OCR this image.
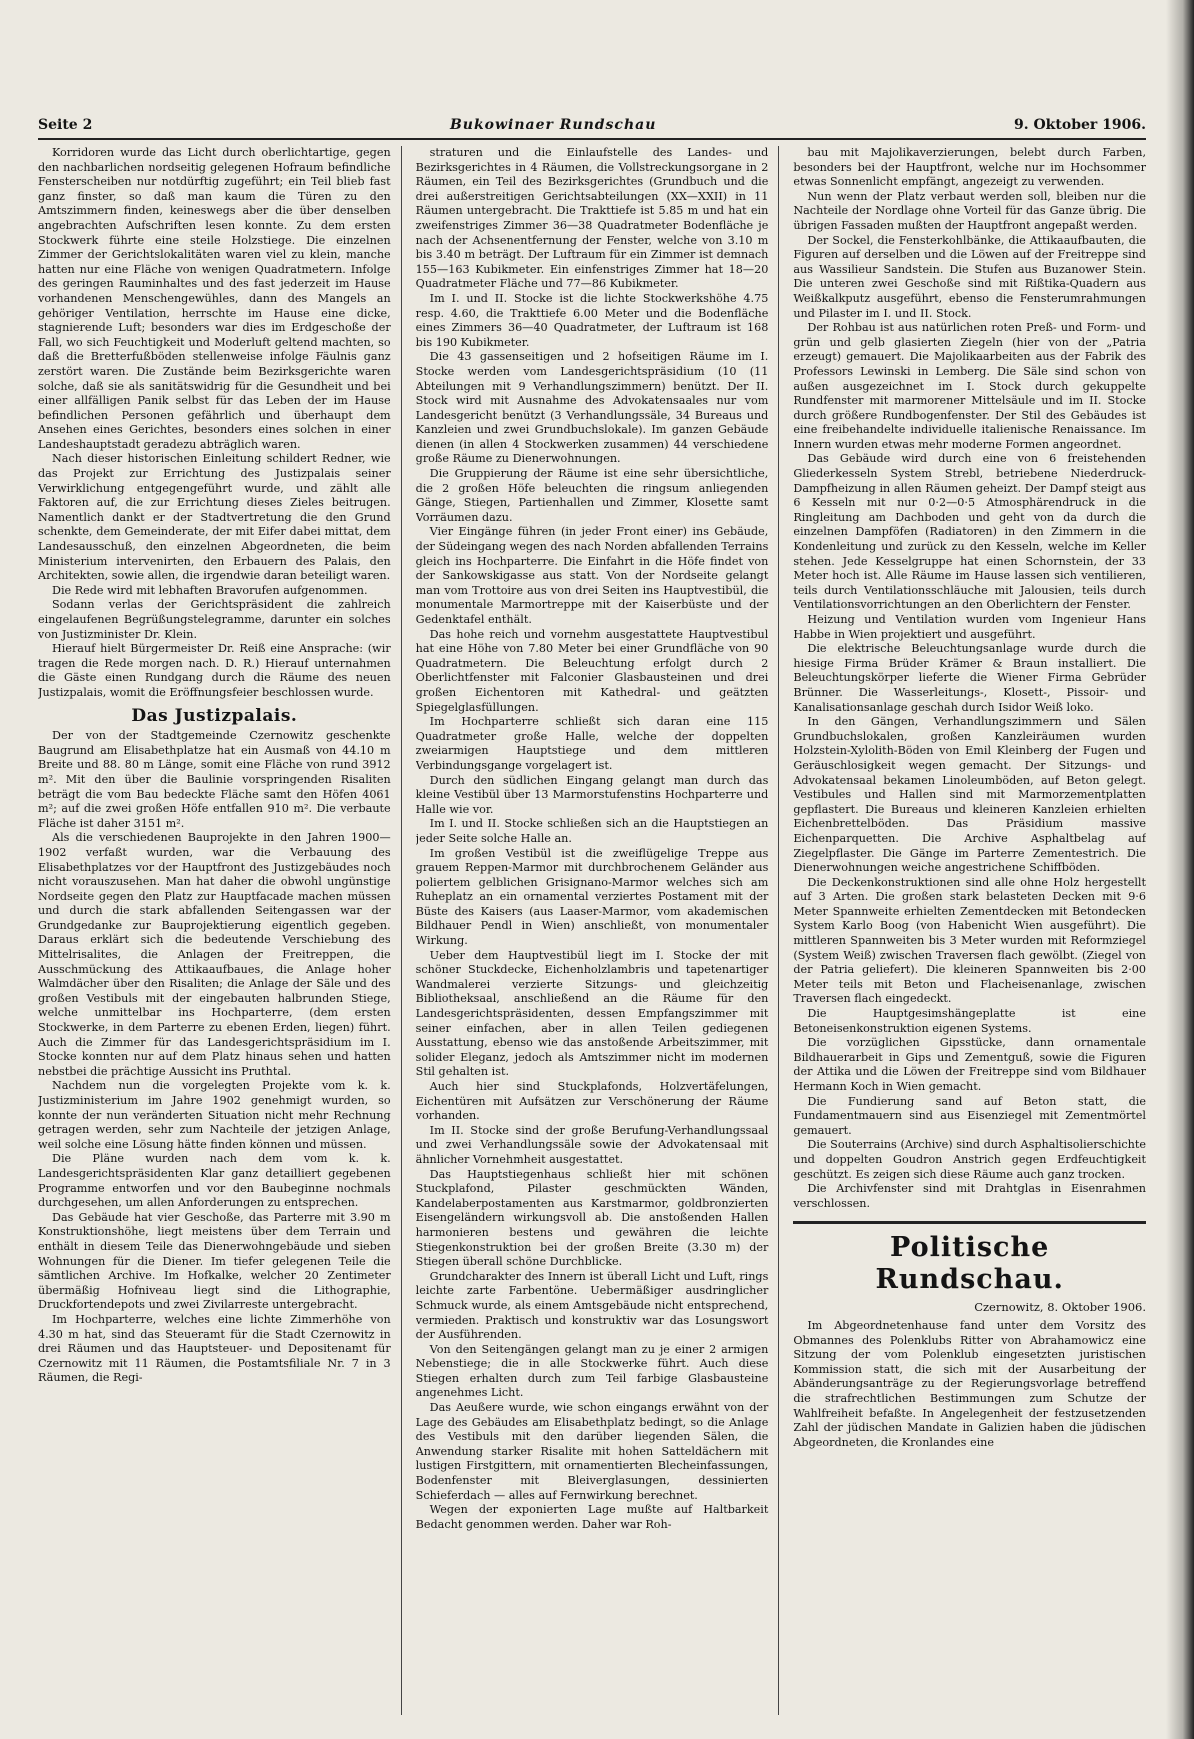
Seite 2	Bukowinaer Rundschau	9. Oktober 1906.

Korridoren wurde das Licht durch oberlichtartige, gegen den nachbarlichen nordseitig gelegenen Hofraum befindliche Fensterscheiben nur notdürftig zugeführt; ein Teil blieb fast ganz finster, so daß man kaum die Türen zu den Amtszimmern finden, keineswegs aber die über denselben angebrachten Aufschriften lesen konnte. Zu dem ersten Stockwerk führte eine steile Holzstiege. Die einzelnen Zimmer der Gerichtslokalitäten waren viel zu klein, manche hatten nur eine Fläche von wenigen Quadratmetern. Infolge des geringen Rauminhaltes und des fast jederzeit im Hause vorhandenen Menschengewühles, dann des Mangels an gehöriger Ventilation, herrschte im Hause eine dicke, stagnierende Luft; besonders war dies im Erdgeschoße der Fall, wo sich Feuchtigkeit und Moderluft geltend machten, so daß die Bretterfußböden stellenweise infolge Fäulnis ganz zerstört waren. Die Zustände beim Bezirksgerichte waren solche, daß sie als sanitätswidrig für die Gesundheit und bei einer allfälligen Panik selbst für das Leben der im Hause befindlichen Personen gefährlich und überhaupt dem Ansehen eines Gerichtes, besonders eines solchen in einer Landeshauptstadt geradezu abträglich waren.

Nach dieser historischen Einleitung schildert Redner, wie das Projekt zur Errichtung des Justizpalais seiner Verwirklichung entgegengeführt wurde, und zählt alle Faktoren auf, die zur Errichtung dieses Zieles beitrugen. Namentlich dankt er der Stadtvertretung die den Grund schenkte, dem Gemeinderate, der mit Eifer dabei mittat, dem Landesausschuß, den einzelnen Abgeordneten, die beim Ministerium intervenirten, den Erbauern des Palais, den Architekten, sowie allen, die irgendwie daran beteiligt waren.

Die Rede wird mit lebhaften Bravorufen aufgenommen.

Sodann verlas der Gerichtspräsident die zahlreich eingelaufenen Begrüßungstelegramme, darunter ein solches von Justizminister Dr. Klein.

Hierauf hielt Bürgermeister Dr. Reiß eine Ansprache: (wir tragen die Rede morgen nach. D. R.) Hierauf unternahmen die Gäste einen Rundgang durch die Räume des neuen Justizpalais, womit die Eröffnungsfeier beschlossen wurde.

Das Justizpalais.

Der von der Stadtgemeinde Czernowitz geschenkte Baugrund am Elisabethplatze hat ein Ausmaß von 44.10 m Breite und 88. 80 m Länge, somit eine Fläche von rund 3912 m². Mit den über die Baulinie vorspringenden Risaliten beträgt die vom Bau bedeckte Fläche samt den Höfen 4061 m²; auf die zwei großen Höfe entfallen 910 m². Die verbaute Fläche ist daher 3151 m².

Als die verschiedenen Bauprojekte in den Jahren 1900—1902 verfaßt wurden, war die Verbauung des Elisabethplatzes vor der Hauptfront des Justizgebäudes noch nicht vorauszusehen. Man hat daher die obwohl ungünstige Nordseite gegen den Platz zur Hauptfacade machen müssen und durch die stark abfallenden Seitengassen war der Grundgedanke zur Bauprojektierung eigentlich gegeben. Daraus erklärt sich die bedeutende Verschiebung des Mittelrisalites, die Anlagen der Freitreppen, die Ausschmückung des Attikaaufbaues, die Anlage hoher Walmdächer über den Risaliten; die Anlage der Säle und des großen Vestibuls mit der eingebauten halbrunden Stiege, welche unmittelbar ins Hochparterre, (dem ersten Stockwerke, in dem Parterre zu ebenen Erden, liegen) führt. Auch die Zimmer für das Landesgerichtspräsidium im I. Stocke konnten nur auf dem Platz hinaus sehen und hatten nebstbei die prächtige Aussicht ins Pruthtal.

Nachdem nun die vorgelegten Projekte vom k. k. Justizministerium im Jahre 1902 genehmigt wurden, so konnte der nun veränderten Situation nicht mehr Rechnung getragen werden, sehr zum Nachteile der jetzigen Anlage, weil solche eine Lösung hätte finden können und müssen.

Die Pläne wurden nach dem vom k. k. Landesgerichtspräsidenten Klar ganz detailliert gegebenen Programme entworfen und vor den Baubeginne nochmals durchgesehen, um allen Anforderungen zu entsprechen.

Das Gebäude hat vier Geschoße, das Parterre mit 3.90 m Konstruktionshöhe, liegt meistens über dem Terrain und enthält in diesem Teile das Dienerwohngebäude und sieben Wohnungen für die Diener. Im tiefer gelegenen Teile die sämtlichen Archive. Im Hofkalke, welcher 20 Zentimeter übermäßig Hofniveau liegt sind die Lithographie, Druckfortendepots und zwei Zivilarreste untergebracht.

Im Hochparterre, welches eine lichte Zimmerhöhe von 4.30 m hat, sind das Steueramt für die Stadt Czernowitz in drei Räumen und das Hauptsteuer- und Depositenamt für Czernowitz mit 11 Räumen, die Postamtsfiliale Nr. 7 in 3 Räumen, die Regi-

straturen und die Einlaufstelle des Landes- und Bezirksgerichtes in 4 Räumen, die Vollstreckungsorgane in 2 Räumen, ein Teil des Bezirksgerichtes (Grundbuch und die drei außerstreitigen Gerichtsabteilungen (XX—XXII) in 11 Räumen untergebracht. Die Trakttiefe ist 5.85 m und hat ein zweifenstriges Zimmer 36—38 Quadratmeter Bodenfläche je nach der Achsenentfernung der Fenster, welche von 3.10 m bis 3.40 m beträgt. Der Luftraum für ein Zimmer ist demnach 155—163 Kubikmeter. Ein einfenstriges Zimmer hat 18—20 Quadratmeter Fläche und 77—86 Kubikmeter.

Im I. und II. Stocke ist die lichte Stockwerkshöhe 4.75 resp. 4.60, die Trakttiefe 6.00 Meter und die Bodenfläche eines Zimmers 36—40 Quadratmeter, der Luftraum ist 168 bis 190 Kubikmeter.

Die 43 gassenseitigen und 2 hofseitigen Räume im I. Stocke werden vom Landesgerichtspräsidium (10 (11 Abteilungen mit 9 Verhandlungszimmern) benützt. Der II. Stock wird mit Ausnahme des Advokatensaales nur vom Landesgericht benützt (3 Verhandlungssäle, 34 Bureaus und Kanzleien und zwei Grundbuchslokale). Im ganzen Gebäude dienen (in allen 4 Stockwerken zusammen) 44 verschiedene große Räume zu Dienerwohnungen.

Die Gruppierung der Räume ist eine sehr übersichtliche, die 2 großen Höfe beleuchten die ringsum anliegenden Gänge, Stiegen, Partienhallen und Zimmer, Klosette samt Vorräumen dazu.

Vier Eingänge führen (in jeder Front einer) ins Gebäude, der Südeingang wegen des nach Norden abfallenden Terrains gleich ins Hochparterre. Die Einfahrt in die Höfe findet von der Sankowskigasse aus statt. Von der Nordseite gelangt man vom Trottoire aus von drei Seiten ins Hauptvestibül, die monumentale Marmortreppe mit der Kaiserbüste und der Gedenktafel enthält.

Das hohe reich und vornehm ausgestattete Hauptvestibul hat eine Höhe von 7.80 Meter bei einer Grundfläche von 90 Quadratmetern. Die Beleuchtung erfolgt durch 2 Oberlichtfenster mit Falconier Glasbausteinen und drei großen Eichentoren mit Kathedral- und geätzten Spiegelglasfüllungen.

Im Hochparterre schließt sich daran eine 115 Quadratmeter große Halle, welche der doppelten zweiarmigen Hauptstiege und dem mittleren Verbindungsgange vorgelagert ist.

Durch den südlichen Eingang gelangt man durch das kleine Vestibül über 13 Marmorstufenstins Hochparterre und Halle wie vor.

Im I. und II. Stocke schließen sich an die Hauptstiegen an jeder Seite solche Halle an.

Im großen Vestibül ist die zweiflügelige Treppe aus grauem Reppen-Marmor mit durchbrochenem Geländer aus poliertem gelblichen Grisignano-Marmor welches sich am Ruheplatz an ein ornamental verziertes Postament mit der Büste des Kaisers (aus Laaser-Marmor, vom akademischen Bildhauer Pendl in Wien) anschließt, von monumentaler Wirkung.

Ueber dem Hauptvestibül liegt im I. Stocke der mit schöner Stuckdecke, Eichenholzlambris und tapetenartiger Wandmalerei verzierte Sitzungs- und gleichzeitig Bibliotheksaal, anschließend an die Räume für den Landesgerichtspräsidenten, dessen Empfangszimmer mit seiner einfachen, aber in allen Teilen gediegenen Ausstattung, ebenso wie das anstoßende Arbeitszimmer, mit solider Eleganz, jedoch als Amtszimmer nicht im modernen Stil gehalten ist.

Auch hier sind Stuckplafonds, Holzvertäfelungen, Eichentüren mit Aufsätzen zur Verschönerung der Räume vorhanden.

Im II. Stocke sind der große Berufung-Verhandlungssaal und zwei Verhandlungssäle sowie der Advokatensaal mit ähnlicher Vornehmheit ausgestattet.

Das Hauptstiegenhaus schließt hier mit schönen Stuckplafond, Pilaster geschmückten Wänden, Kandelaberpostamenten aus Karstmarmor, goldbronzierten Eisengeländern wirkungsvoll ab. Die anstoßenden Hallen harmonieren bestens und gewähren die leichte Stiegenkonstruktion bei der großen Breite (3.30 m) der Stiegen überall schöne Durchblicke.

Grundcharakter des Innern ist überall Licht und Luft, rings leichte zarte Farbentöne. Uebermäßiger ausdringlicher Schmuck wurde, als einem Amtsgebäude nicht entsprechend, vermieden. Praktisch und konstruktiv war das Losungswort der Ausführenden.

Von den Seitengängen gelangt man zu je einer 2 armigen Nebenstiege; die in alle Stockwerke führt. Auch diese Stiegen erhalten durch zum Teil farbige Glasbausteine angenehmes Licht.

Das Aeußere wurde, wie schon eingangs erwähnt von der Lage des Gebäudes am Elisabethplatz bedingt, so die Anlage des Vestibuls mit den darüber liegenden Sälen, die Anwendung starker Risalite mit hohen Satteldächern mit lustigen Firstgittern, mit ornamentierten Blecheinfassungen, Bodenfenster mit Bleiverglasungen, dessinierten Schieferdach — alles auf Fernwirkung berechnet.

Wegen der exponierten Lage mußte auf Haltbarkeit Bedacht genommen werden. Daher war Roh-

bau mit Majolikaverzierungen, belebt durch Farben, besonders bei der Hauptfront, welche nur im Hochsommer etwas Sonnenlicht empfängt, angezeigt zu verwenden.

Nun wenn der Platz verbaut werden soll, bleiben nur die Nachteile der Nordlage ohne Vorteil für das Ganze übrig. Die übrigen Fassaden mußten der Hauptfront angepaßt werden.

Der Sockel, die Fensterkohlbänke, die Attikaaufbauten, die Figuren auf derselben und die Löwen auf der Freitreppe sind aus Wassilieur Sandstein. Die Stufen aus Buzanower Stein. Die unteren zwei Geschoße sind mit Rißtika-Quadern aus Weißkalkputz ausgeführt, ebenso die Fensterumrahmungen und Pilaster im I. und II. Stock.

Der Rohbau ist aus natürlichen roten Preß- und Form- und grün und gelb glasierten Ziegeln (hier von der „Patria erzeugt) gemauert. Die Majolikaarbeiten aus der Fabrik des Professors Lewinski in Lemberg. Die Säle sind schon von außen ausgezeichnet im I. Stock durch gekuppelte Rundfenster mit marmorener Mittelsäule und im II. Stocke durch größere Rundbogenfenster. Der Stil des Gebäudes ist eine freibehandelte individuelle italienische Renaissance. Im Innern wurden etwas mehr moderne Formen angeordnet.

Das Gebäude wird durch eine von 6 freistehenden Gliederkesseln System Strebl, betriebene Niederdruck-Dampfheizung in allen Räumen geheizt. Der Dampf steigt aus 6 Kesseln mit nur 0·2—0·5 Atmosphärendruck in die Ringleitung am Dachboden und geht von da durch die einzelnen Dampföfen (Radiatoren) in den Zimmern in die Kondenleitung und zurück zu den Kesseln, welche im Keller stehen. Jede Kesselgruppe hat einen Schornstein, der 33 Meter hoch ist. Alle Räume im Hause lassen sich ventilieren, teils durch Ventilationsschläuche mit Jalousien, teils durch Ventilationsvorrichtungen an den Oberlichtern der Fenster.

Heizung und Ventilation wurden vom Ingenieur Hans Habbe in Wien projektiert und ausgeführt.

Die elektrische Beleuchtungsanlage wurde durch die hiesige Firma Brüder Krämer & Braun installiert. Die Beleuchtungskörper lieferte die Wiener Firma Gebrüder Brünner. Die Wasserleitungs-, Klosett-, Pissoir- und Kanalisationsanlage geschah durch Isidor Weiß loko.

In den Gängen, Verhandlungszimmern und Sälen Grundbuchslokalen, großen Kanzleiräumen wurden Holzstein-Xylolith-Böden von Emil Kleinberg der Fugen und Geräuschlosigkeit wegen gemacht. Der Sitzungs- und Advokatensaal bekamen Linoleumböden, auf Beton gelegt. Vestibules und Hallen sind mit Marmorzementplatten gepflastert. Die Bureaus und kleineren Kanzleien erhielten Eichenbrettelböden. Das Präsidium massive Eichenparquetten. Die Archive Asphaltbelag auf Ziegelpflaster. Die Gänge im Parterre Zementestrich. Die Dienerwohnungen weiche angestrichene Schiffböden.

Die Deckenkonstruktionen sind alle ohne Holz hergestellt auf 3 Arten. Die großen stark belasteten Decken mit 9·6 Meter Spannweite erhielten Zementdecken mit Betondecken System Karlo Boog (von Habenicht Wien ausgeführt). Die mittleren Spannweiten bis 3 Meter wurden mit Reformziegel (System Weiß) zwischen Traversen flach gewölbt. (Ziegel von der Patria geliefert). Die kleineren Spannweiten bis 2·00 Meter teils mit Beton und Flacheisenanlage, zwischen Traversen flach eingedeckt.

Die Hauptgesimshängeplatte ist eine Betoneisenkonstruktion eigenen Systems.

Die vorzüglichen Gipsstücke, dann ornamentale Bildhauerarbeit in Gips und Zementguß, sowie die Figuren der Attika und die Löwen der Freitreppe sind vom Bildhauer Hermann Koch in Wien gemacht.

Die Fundierung sand auf Beton statt, die Fundamentmauern sind aus Eisenziegel mit Zementmörtel gemauert.

Die Souterrains (Archive) sind durch Asphaltisolierschichte und doppelten Goudron Anstrich gegen Erdfeuchtigkeit geschützt. Es zeigen sich diese Räume auch ganz trocken.

Die Archivfenster sind mit Drahtglas in Eisenrahmen verschlossen.

Politische Rundschau.
Czernowitz, 8. Oktober 1906.

Im Abgeordnetenhause fand unter dem Vorsitz des Obmannes des Polenklubs Ritter von Abrahamowicz eine Sitzung der vom Polenklub eingesetzten juristischen Kommission statt, die sich mit der Ausarbeitung der Abänderungsanträge zu der Regierungsvorlage betreffend die strafrechtlichen Bestimmungen zum Schutze der Wahlfreiheit befaßte. In Angelegenheit der festzusetzenden Zahl der jüdischen Mandate in Galizien haben die jüdischen Abgeordneten, die Kronlandes eine
